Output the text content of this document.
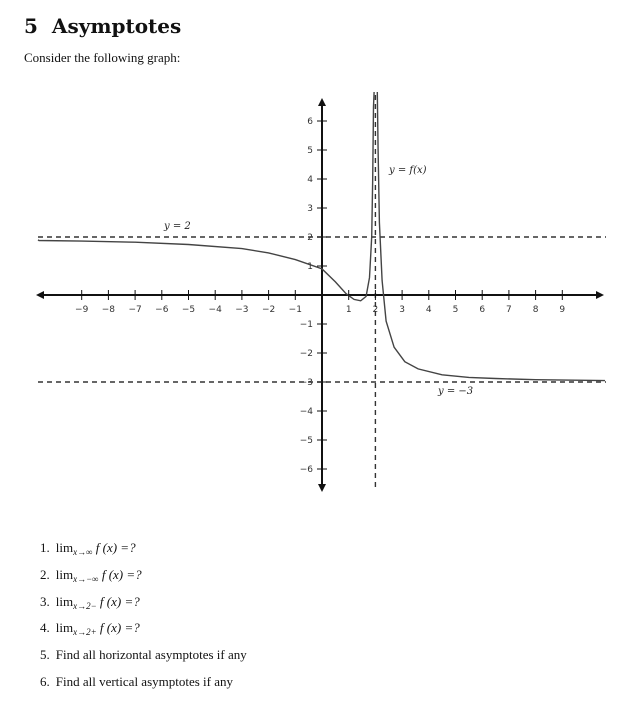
5 Asymptotes
Consider the following graph:
−9 −8 −7 −6 −5 −4 −3 −2 −1	1 2 3 4 5 6 7 8 9
6
5
4
3
2
1
−1
−2
−3
−4
−5
−6
y = 2
y = −3
y = f(x)
1. $\lim_{x\to\infty} f$ (x) =?
2. $\lim_{x\to-\infty} f$ (x) =?
3. $\lim_{x\to 2-} f$ (x) =?
4. $\lim_{x\to 2+} f$ (x) =?
5. Find all horizontal asymptotes if any
6. Find all vertical asymptotes if any
